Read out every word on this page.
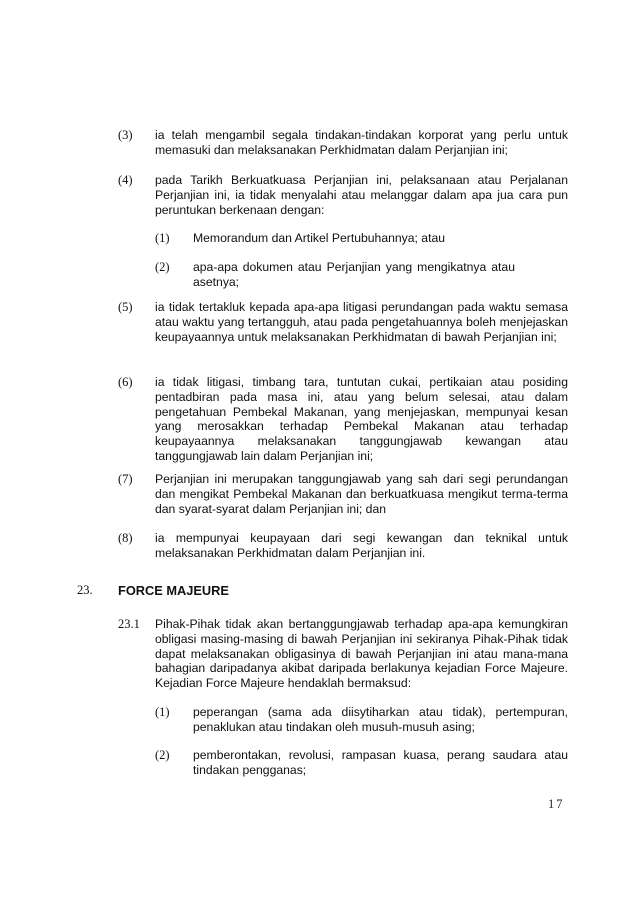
(3) ia telah mengambil segala tindakan-tindakan korporat yang perlu untuk memasuki dan melaksanakan Perkhidmatan dalam Perjanjian ini;
(4) pada Tarikh Berkuatkuasa Perjanjian ini, pelaksanaan atau Perjalanan Perjanjian ini, ia tidak menyalahi atau melanggar dalam apa jua cara pun peruntukan berkenaan dengan:
(1) Memorandum dan Artikel Pertubuhannya; atau
(2) apa-apa dokumen atau Perjanjian yang mengikatnya atau asetnya;
(5) ia tidak tertakluk kepada apa-apa litigasi perundangan pada waktu semasa atau waktu yang tertangguh, atau pada pengetahuannya boleh menjejaskan keupayaannya untuk melaksanakan Perkhidmatan di bawah Perjanjian ini;
(6) ia tidak litigasi, timbang tara, tuntutan cukai, pertikaian atau posiding pentadbiran pada masa ini, atau yang belum selesai, atau dalam pengetahuan Pembekal Makanan, yang menjejaskan, mempunyai kesan yang merosakkan terhadap Pembekal Makanan atau terhadap keupayaannya melaksanakan tanggungjawab kewangan atau tanggungjawab lain dalam Perjanjian ini;
(7) Perjanjian ini merupakan tanggungjawab yang sah dari segi perundangan dan mengikat Pembekal Makanan dan berkuatkuasa mengikut terma-terma dan syarat-syarat dalam Perjanjian ini; dan
(8) ia mempunyai keupayaan dari segi kewangan dan teknikal untuk melaksanakan Perkhidmatan dalam Perjanjian ini.
23. FORCE MAJEURE
23.1 Pihak-Pihak tidak akan bertanggungjawab terhadap apa-apa kemungkiran obligasi masing-masing di bawah Perjanjian ini sekiranya Pihak-Pihak tidak dapat melaksanakan obligasinya di bawah Perjanjian ini atau mana-mana bahagian daripadanya akibat daripada berlakunya kejadian Force Majeure. Kejadian Force Majeure hendaklah bermaksud:
(1) peperangan (sama ada diisytiharkan atau tidak), pertempuran, penaklukan atau tindakan oleh musuh-musuh asing;
(2) pemberontakan, revolusi, rampasan kuasa, perang saudara atau tindakan pengganas;
17
